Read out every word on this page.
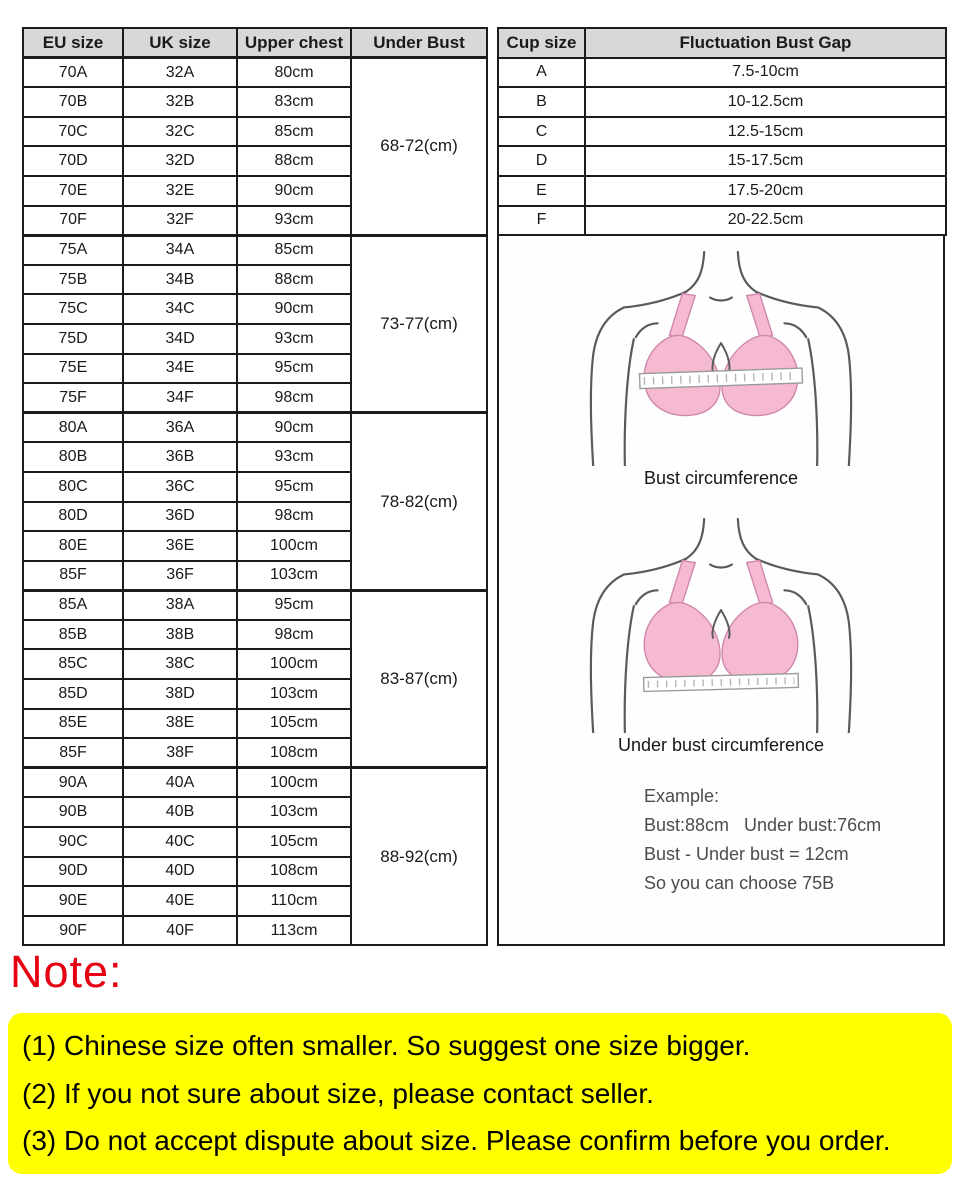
EU size	UK size	Upper chest	Under Bust
70A	32A	80cm	68-72(cm)
70B	32B	83cm	
70C	32C	85cm	
70D	32D	88cm	
70E	32E	90cm	
70F	32F	93cm	
75A	34A	85cm	73-77(cm)
75B	34B	88cm	
75C	34C	90cm	
75D	34D	93cm	
75E	34E	95cm	
75F	34F	98cm	
80A	36A	90cm	78-82(cm)
80B	36B	93cm	
80C	36C	95cm	
80D	36D	98cm	
80E	36E	100cm	
85F	36F	103cm	
85A	38A	95cm	83-87(cm)
85B	38B	98cm	
85C	38C	100cm	
85D	38D	103cm	
85E	38E	105cm	
85F	38F	108cm	
90A	40A	100cm	88-92(cm)
90B	40B	103cm	
90C	40C	105cm	
90D	40D	108cm	
90E	40E	110cm	
90F	40F	113cm	
Cup size	Fluctuation Bust Gap
A	7.5-10cm
B	10-12.5cm
C	12.5-15cm
D	15-17.5cm
E	17.5-20cm
F	20-22.5cm
Bust circumference
Under bust circumference
Example:
Bust:88cm   Under bust:76cm
Bust - Under bust = 12cm
So you can choose 75B
Note:
(1) Chinese size often smaller. So suggest one size bigger.
(2) If you not sure about size, please contact seller.
(3) Do not accept dispute about size. Please confirm before you order.
